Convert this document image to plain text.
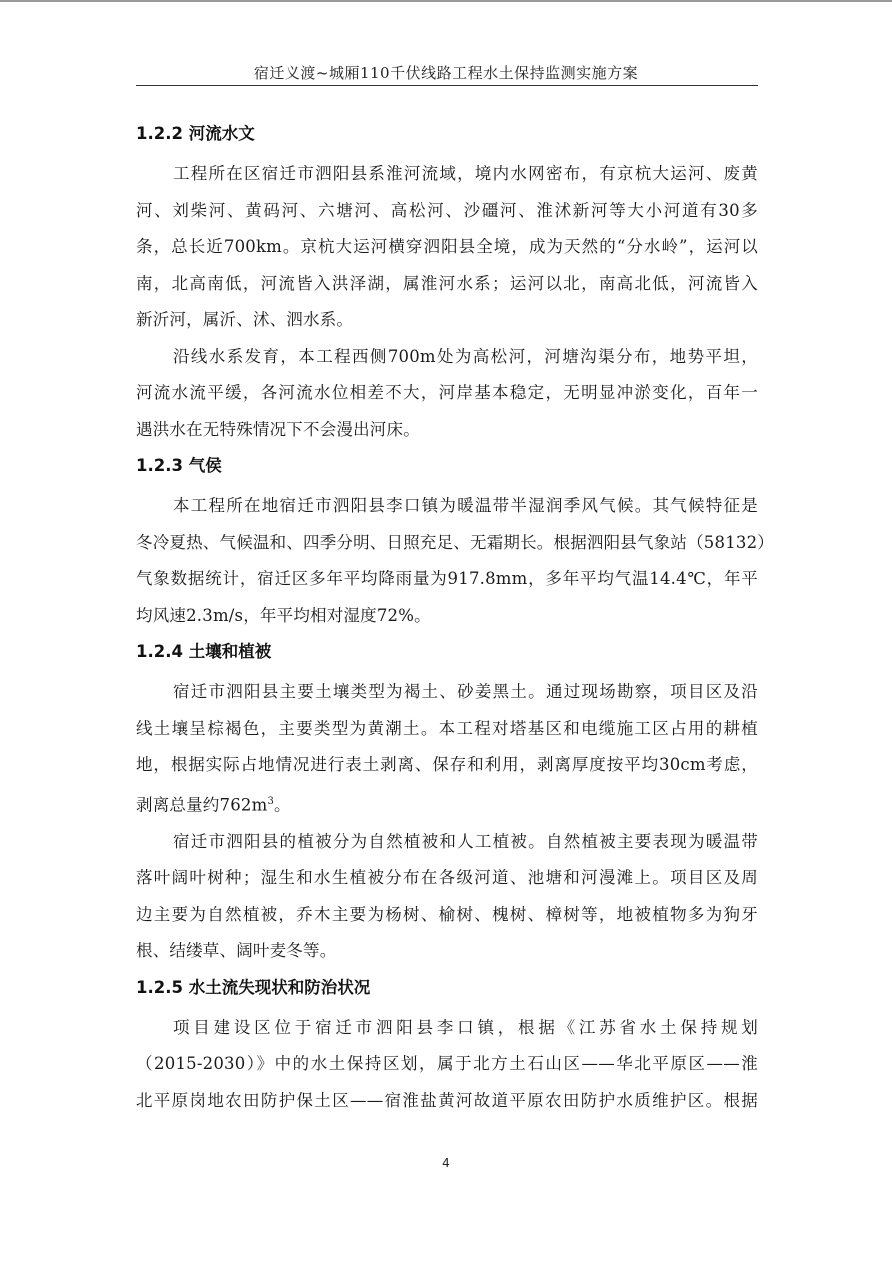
宿迁义渡~城厢110千伏线路工程水土保持监测实施方案
1.2.2 河流水文
工程所在区宿迁市泗阳县系淮河流域，境内水网密布，有京杭大运河、废黄
河、刘柴河、黄码河、六塘河、高松河、沙礓河、淮沭新河等大小河道有30多
条，总长近700km。京杭大运河横穿泗阳县全境，成为天然的“分水岭”，运河以
南，北高南低，河流皆入洪泽湖，属淮河水系；运河以北，南高北低，河流皆入
新沂河，属沂、沭、泗水系。
沿线水系发育，本工程西侧700m处为高松河，河塘沟渠分布，地势平坦，
河流水流平缓，各河流水位相差不大，河岸基本稳定，无明显冲淤变化，百年一
遇洪水在无特殊情况下不会漫出河床。
1.2.3 气侯
本工程所在地宿迁市泗阳县李口镇为暖温带半湿润季风气候。其气候特征是
冬冷夏热、气候温和、四季分明、日照充足、无霜期长。根据泗阳县气象站（58132）
气象数据统计，宿迁区多年平均降雨量为917.8mm，多年平均气温14.4℃，年平
均风速2.3m/s，年平均相对湿度72%。
1.2.4 土壤和植被
宿迁市泗阳县主要土壤类型为褐土、砂姜黑土。通过现场勘察，项目区及沿
线土壤呈棕褐色，主要类型为黄潮土。本工程对塔基区和电缆施工区占用的耕植
地，根据实际占地情况进行表土剥离、保存和利用，剥离厚度按平均30cm考虑，
剥离总量约$762m^3$。
宿迁市泗阳县的植被分为自然植被和人工植被。自然植被主要表现为暖温带
落叶阔叶树种；湿生和水生植被分布在各级河道、池塘和河漫滩上。项目区及周
边主要为自然植被，乔木主要为杨树、榆树、槐树、樟树等，地被植物多为狗牙
根、结缕草、阔叶麦冬等。
1.2.5 水土流失现状和防治状况
项目建设区位于宿迁市泗阳县李口镇，根据《江苏省水土保持规划
（2015-2030）》中的水土保持区划，属于北方土石山区——华北平原区——淮
北平原岗地农田防护保土区——宿淮盐黄河故道平原农田防护水质维护区。根据
4
